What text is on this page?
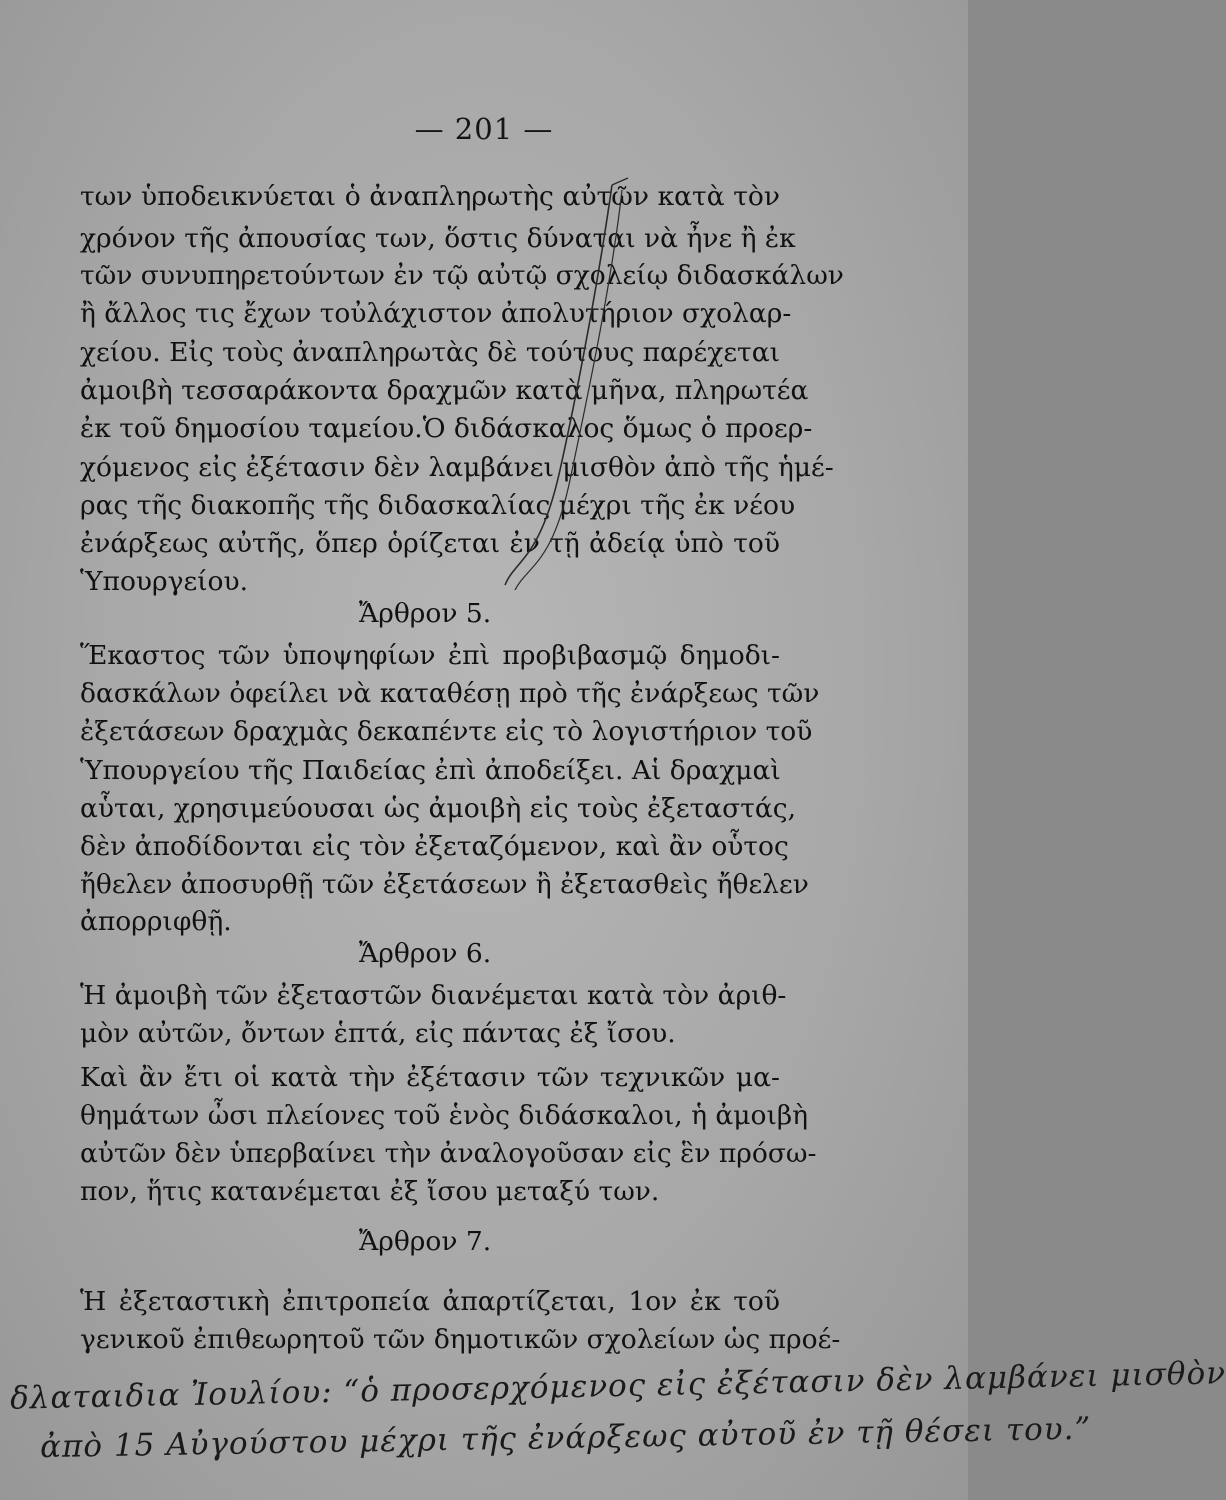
— 201 —
των ὑποδεικνύεται ὁ ἀναπληρωτὴς αὐτῶν κατὰ τὸν
χρόνον τῆς ἀπουσίας των, ὅστις δύναται νὰ ἦνε ἢ ἐκ
τῶν συνυπηρετούντων ἐν τῷ αὐτῷ σχολείῳ διδασκάλων
ἢ ἄλλος τις ἔχων τοὐλάχιστον ἀπολυτήριον σχολαρ-
χείου. Εἰς τοὺς ἀναπληρωτὰς δὲ τούτους παρέχεται
ἀμοιβὴ τεσσαράκοντα δραχμῶν κατὰ μῆνα, πληρωτέα
ἐκ τοῦ δημοσίου ταμείου.Ὁ διδάσκαλος ὅμως ὁ προερ-
χόμενος εἰς ἐξέτασιν δὲν λαμβάνει μισθὸν ἀπὸ τῆς ἡμέ-
ρας τῆς διακοπῆς τῆς διδασκαλίας μέχρι τῆς ἐκ νέου
ἐνάρξεως αὐτῆς, ὅπερ ὁρίζεται ἐν τῇ ἀδείᾳ ὑπὸ τοῦ
Ὑπουργείου.
Ἄρθρον 5.
Ἕκαστος τῶν ὑποψηφίων ἐπὶ προβιβασμῷ δημοδι-
δασκάλων ὀφείλει νὰ καταθέσῃ πρὸ τῆς ἐνάρξεως τῶν
ἐξετάσεων δραχμὰς δεκαπέντε εἰς τὸ λογιστήριον τοῦ
Ὑπουργείου τῆς Παιδείας ἐπὶ ἀποδείξει. Αἱ δραχμαὶ
αὗται, χρησιμεύουσαι ὡς ἀμοιβὴ εἰς τοὺς ἐξεταστάς,
δὲν ἀποδίδονται εἰς τὸν ἐξεταζόμενον, καὶ ἂν οὗτος
ἤθελεν ἀποσυρθῇ τῶν ἐξετάσεων ἢ ἐξετασθεὶς ἤθελεν
ἀπορριφθῇ.
Ἄρθρον 6.
Ἡ ἀμοιβὴ τῶν ἐξεταστῶν διανέμεται κατὰ τὸν ἀριθ-
μὸν αὐτῶν, ὄντων ἑπτά, εἰς πάντας ἐξ ἴσου.
Καὶ ἂν ἔτι οἱ κατὰ τὴν ἐξέτασιν τῶν τεχνικῶν μα-
θημάτων ὦσι πλείονες τοῦ ἑνὸς διδάσκαλοι, ἡ ἀμοιβὴ
αὐτῶν δὲν ὑπερβαίνει τὴν ἀναλογοῦσαν εἰς ἓν πρόσω-
πον, ἥτις κατανέμεται ἐξ ἴσου μεταξύ των.
Ἄρθρον 7.
Ἡ ἐξεταστικὴ ἐπιτροπεία ἀπαρτίζεται, 1ον ἐκ τοῦ
γενικοῦ ἐπιθεωρητοῦ τῶν δημοτικῶν σχολείων ὡς προέ-
δλαταιδια Ἰουλίου: “ὁ προσερχόμενος εἰς ἐξέτασιν δὲν λαμβάνει μισθὸν
ἀπὸ 15 Αὐγούστου μέχρι τῆς ἐνάρξεως αὐτοῦ ἐν τῇ θέσει του.”
